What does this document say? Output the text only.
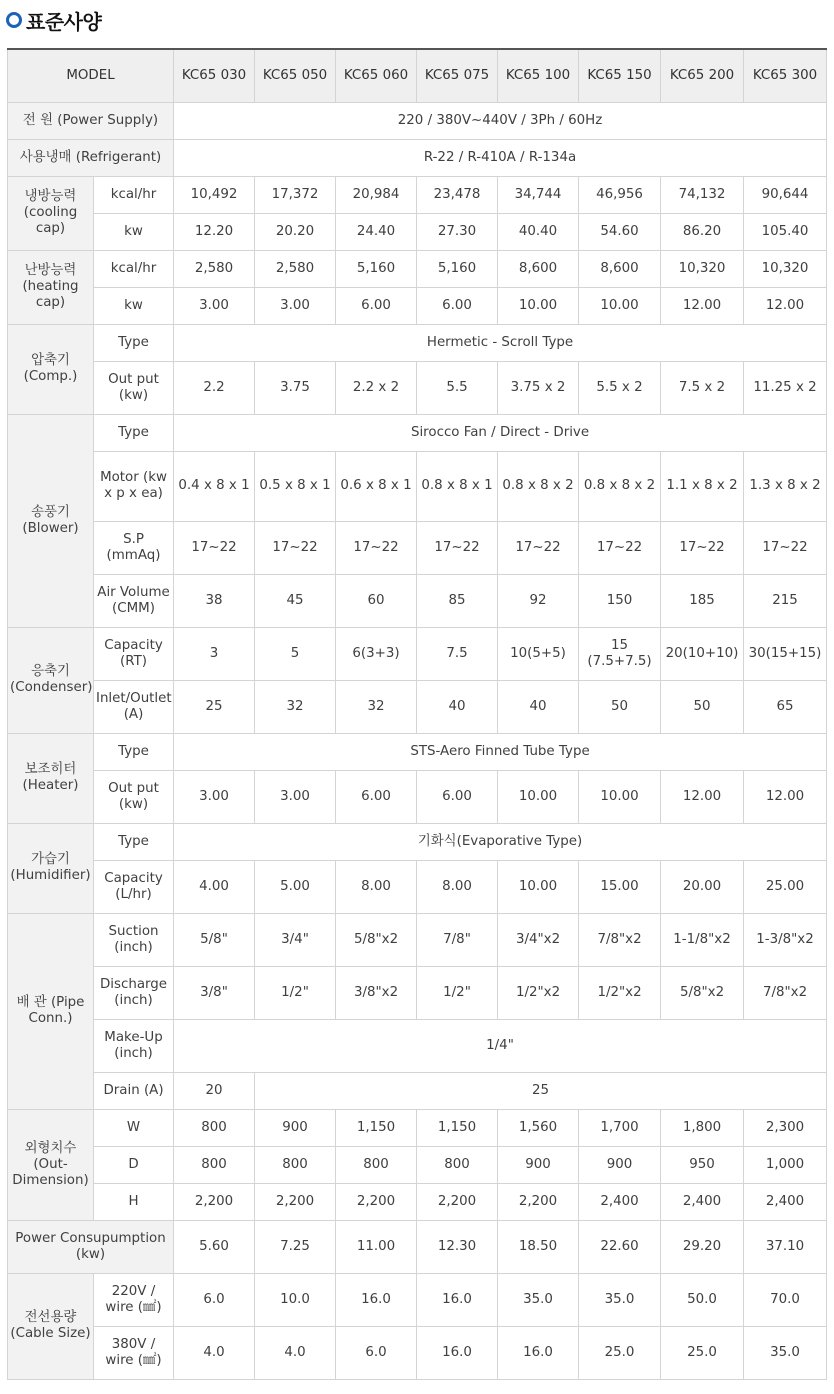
표준사양
MODEL		KC65 030	KC65 050	KC65 060	KC65 075	KC65 100	KC65 150	KC65 200	KC65 300
전 원 (Power Supply)		220 / 380V~440V / 3Ph / 60Hz							
사용냉매 (Refrigerant)		R-22 / R-410A / R-134a							
냉방능력 (cooling cap)	kcal/hr	10,492	17,372	20,984	23,478	34,744	46,956	74,132	90,644
	kw	12.20	20.20	24.40	27.30	40.40	54.60	86.20	105.40
난방능력 (heating cap)	kcal/hr	2,580	2,580	5,160	5,160	8,600	8,600	10,320	10,320
	kw	3.00	3.00	6.00	6.00	10.00	10.00	12.00	12.00
압축기 (Comp.)	Type	Hermetic - Scroll Type							
	Out put (kw)	2.2	3.75	2.2 x 2	5.5	3.75 x 2	5.5 x 2	7.5 x 2	11.25 x 2
송풍기 (Blower)	Type	Sirocco Fan / Direct - Drive							
	Motor (kw x p x ea)	0.4 x 8 x 1	0.5 x 8 x 1	0.6 x 8 x 1	0.8 x 8 x 1	0.8 x 8 x 2	0.8 x 8 x 2	1.1 x 8 x 2	1.3 x 8 x 2
	S.P (mmAq)	17~22	17~22	17~22	17~22	17~22	17~22	17~22	17~22
	Air Volume (CMM)	38	45	60	85	92	150	185	215
응축기 (Condenser)	Capacity (RT)	3	5	6(3+3)	7.5	10(5+5)	15 (7.5+7.5)	20(10+10)	30(15+15)
	Inlet/Outlet (A)	25	32	32	40	40	50	50	65
보조히터 (Heater)	Type	STS-Aero Finned Tube Type							
	Out put (kw)	3.00	3.00	6.00	6.00	10.00	10.00	12.00	12.00
가습기 (Humidifier)	Type	기화식(Evaporative Type)							
	Capacity (L/hr)	4.00	5.00	8.00	8.00	10.00	15.00	20.00	25.00
배 관 (Pipe Conn.)	Suction (inch)	5/8"	3/4"	5/8"x2	7/8"	3/4"x2	7/8"x2	1-1/8"x2	1-3/8"x2
	Discharge (inch)	3/8"	1/2"	3/8"x2	1/2"	1/2"x2	1/2"x2	5/8"x2	7/8"x2
	Make-Up (inch)	1/4"							
	Drain (A)	20	25						
외형치수 (Out-Dimension)	W	800	900	1,150	1,150	1,560	1,700	1,800	2,300
	D	800	800	800	800	900	900	950	1,000
	H	2,200	2,200	2,200	2,200	2,200	2,400	2,400	2,400
Power Consupumption (kw)		5.60	7.25	11.00	12.30	18.50	22.60	29.20	37.10
전선용량 (Cable Size)	220V / wire (㎟)	6.0	10.0	16.0	16.0	35.0	35.0	50.0	70.0
	380V / wire (㎟)	4.0	4.0	6.0	16.0	16.0	25.0	25.0	35.0
